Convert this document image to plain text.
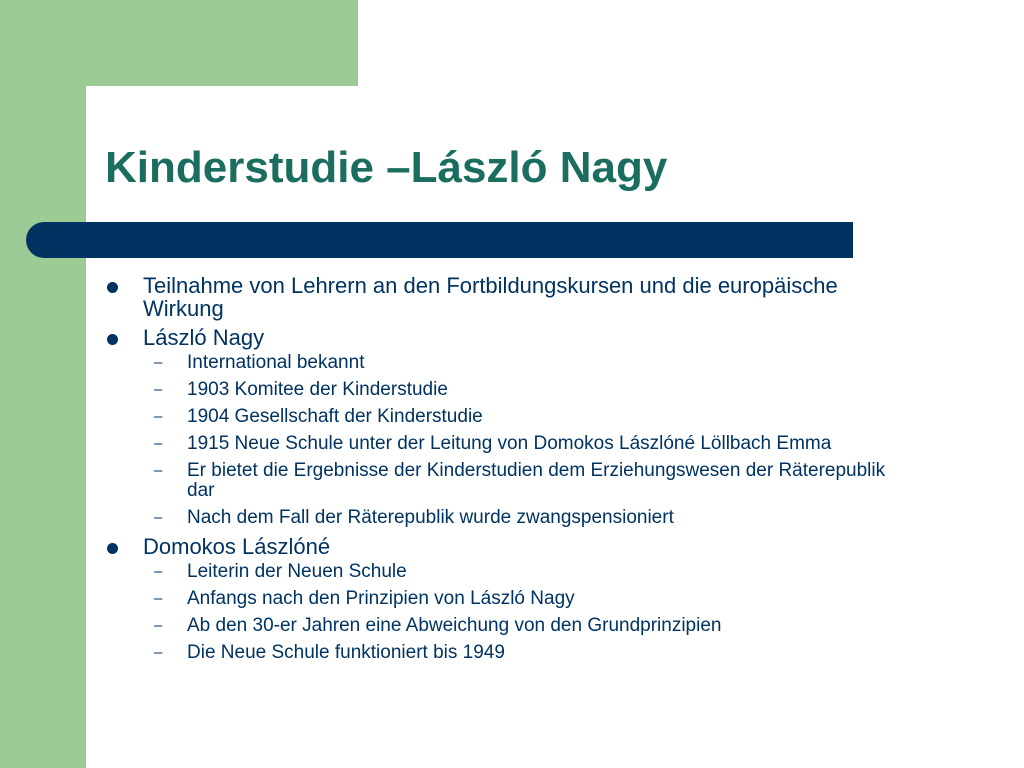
Kinderstudie –László Nagy
Teilnahme von Lehrern an den Fortbildungskursen und die europäische Wirkung
László Nagy
– International bekannt
– 1903 Komitee der Kinderstudie
– 1904 Gesellschaft der Kinderstudie
– 1915 Neue Schule unter der Leitung von Domokos Lászlóné Löllbach Emma
– Er bietet die Ergebnisse der Kinderstudien dem Erziehungswesen der Räterepublik dar
– Nach dem Fall der Räterepublik wurde zwangspensioniert
Domokos Lászlóné
– Leiterin der Neuen Schule
– Anfangs nach den Prinzipien von László Nagy
– Ab den 30-er Jahren eine Abweichung von den Grundprinzipien
– Die Neue Schule funktioniert bis 1949
